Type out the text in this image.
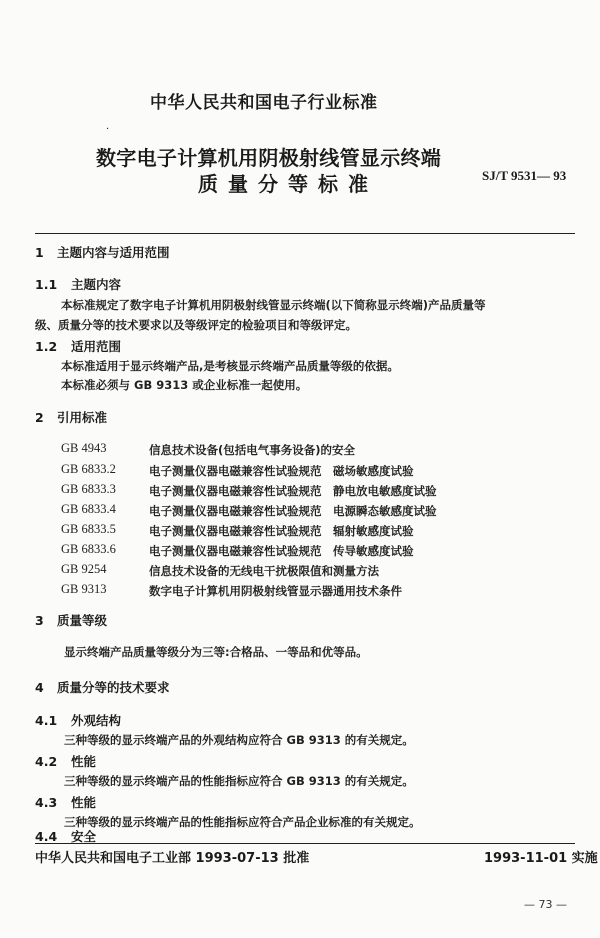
中华人民共和国电子行业标准
·
数字电子计算机用阴极射线管显示终端
质量分等标准	SJ/T 9531— 93
1 主题内容与适用范围
1.1 主题内容
本标准规定了数字电子计算机用阴极射线管显示终端(以下简称显示终端)产品质量等
级、质量分等的技术要求以及等级评定的检验项目和等级评定。
1.2 适用范围
本标准适用于显示终端产品,是考核显示终端产品质量等级的依据。
本标准必须与 GB 9313 或企业标准一起使用。
2 引用标准
GB 4943	信息技术设备(包括电气事务设备)的安全
GB 6833.2	电子测量仪器电磁兼容性试验规范　磁场敏感度试验
GB 6833.3	电子测量仪器电磁兼容性试验规范　静电放电敏感度试验
GB 6833.4	电子测量仪器电磁兼容性试验规范　电源瞬态敏感度试验
GB 6833.5	电子测量仪器电磁兼容性试验规范　辐射敏感度试验
GB 6833.6	电子测量仪器电磁兼容性试验规范　传导敏感度试验
GB 9254	信息技术设备的无线电干扰极限值和测量方法
GB 9313	数字电子计算机用阴极射线管显示器通用技术条件
3 质量等级
显示终端产品质量等级分为三等:合格品、一等品和优等品。
4 质量分等的技术要求
4.1 外观结构
三种等级的显示终端产品的外观结构应符合 GB 9313 的有关规定。
4.2 性能
三种等级的显示终端产品的性能指标应符合 GB 9313 的有关规定。
4.3 性能
三种等级的显示终端产品的性能指标应符合产品企业标准的有关规定。
4.4 安全
中华人民共和国电子工业部 1993-07-13 批准	1993-11-01 实施
— 73 —
